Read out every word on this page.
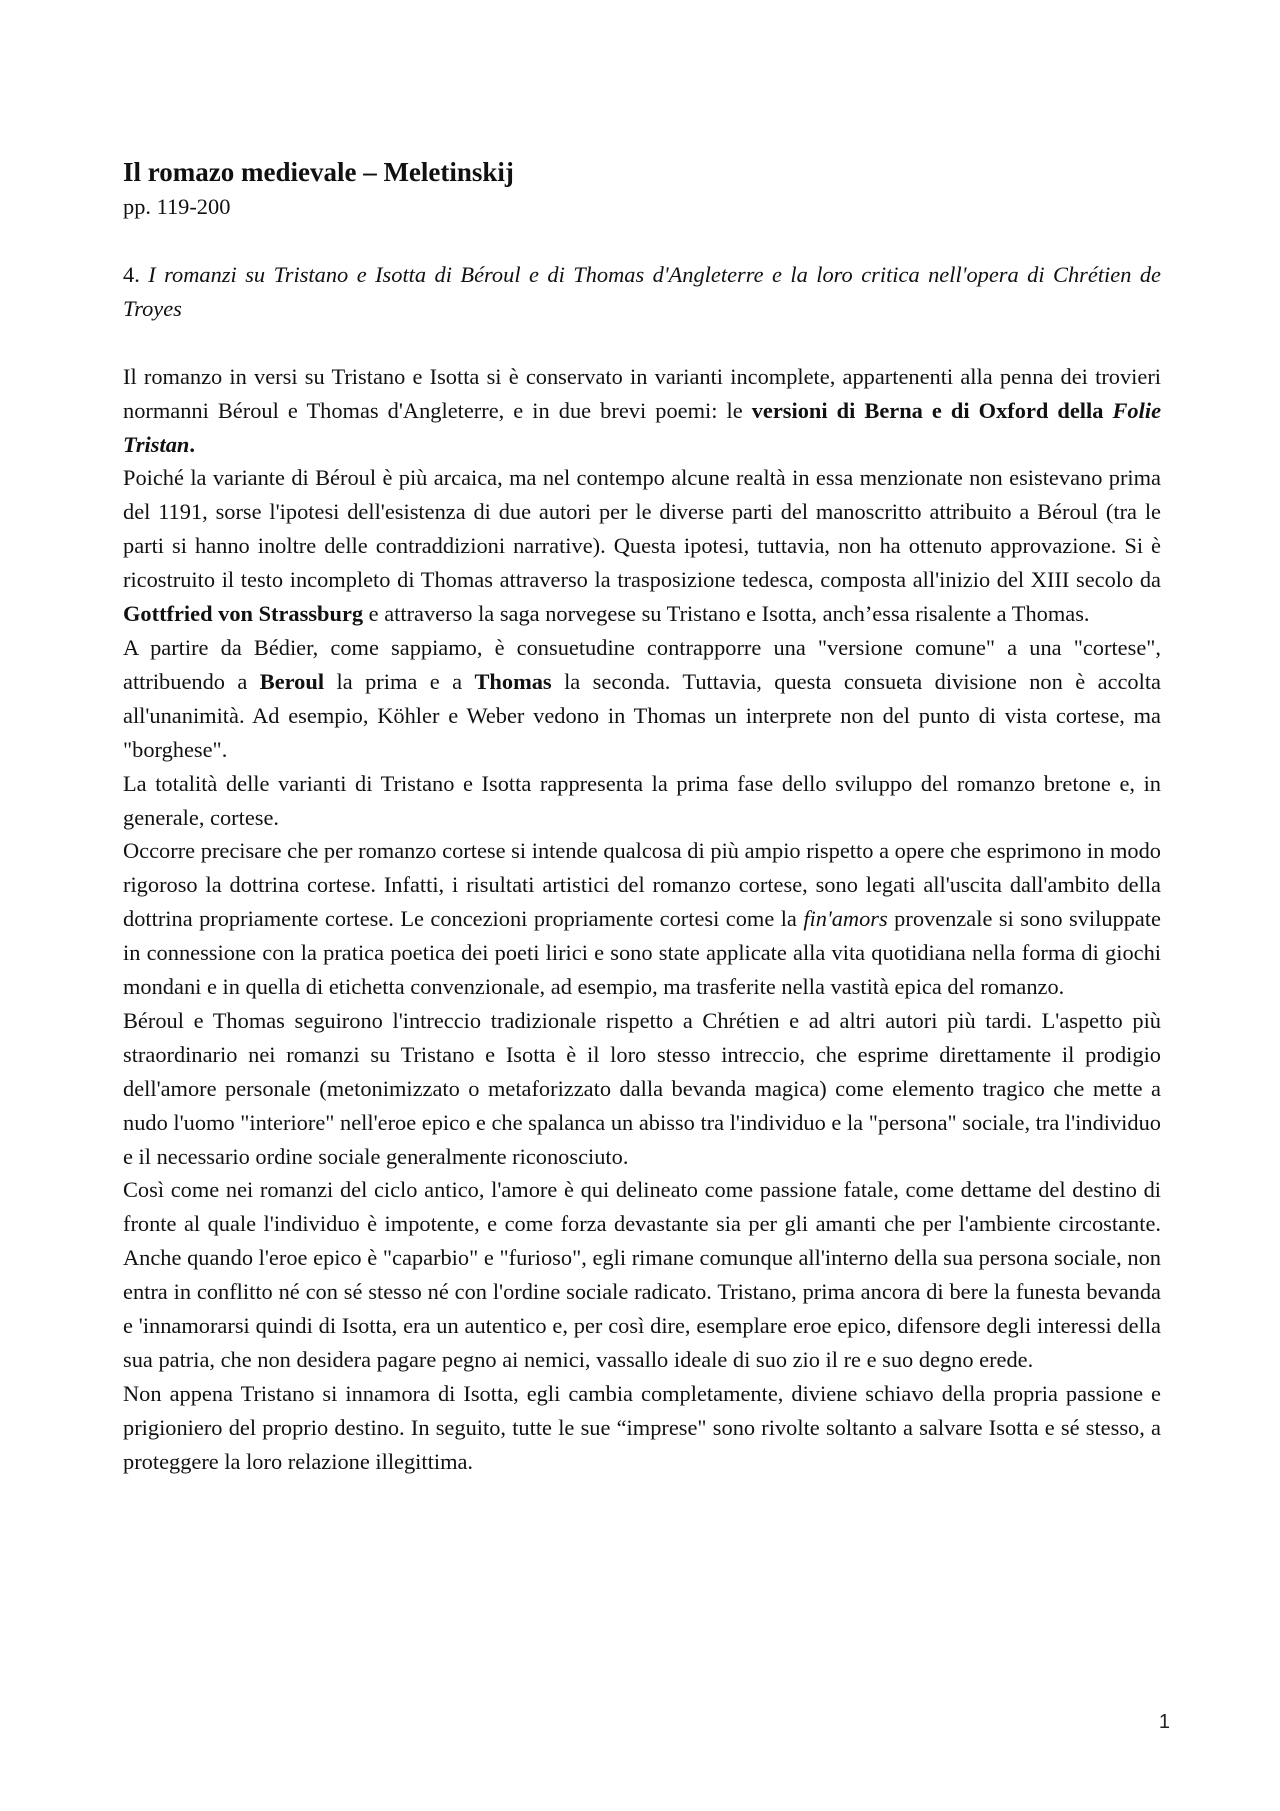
Il romazo medievale – Meletinskij
pp. 119-200
4. I romanzi su Tristano e Isotta di Béroul e di Thomas d'Angleterre e la loro critica nell'opera di Chrétien de Troyes

Il romanzo in versi su Tristano e Isotta si è conservato in varianti incomplete, appartenenti alla penna dei trovieri normanni Béroul e Thomas d'Angleterre, e in due brevi poemi: le versioni di Berna e di Oxford della Folie Tristan.

Poiché la variante di Béroul è più arcaica, ma nel contempo alcune realtà in essa menzionate non esistevano prima del 1191, sorse l'ipotesi dell'esistenza di due autori per le diverse parti del manoscritto attribuito a Béroul (tra le parti si hanno inoltre delle contraddizioni narrative). Questa ipotesi, tuttavia, non ha ottenuto approvazione. Si è ricostruito il testo incompleto di Thomas attraverso la trasposizione tedesca, composta all'inizio del XIII secolo da Gottfried von Strassburg e attraverso la saga norvegese su Tristano e Isotta, anch’essa risalente a Thomas.

A partire da Bédier, come sappiamo, è consuetudine contrapporre una "versione comune" a una "cortese", attribuendo a Beroul la prima e a Thomas la seconda. Tuttavia, questa consueta divisione non è accolta all'unanimità. Ad esempio, Köhler e Weber vedono in Thomas un interprete non del punto di vista cortese, ma "borghese".

La totalità delle varianti di Tristano e Isotta rappresenta la prima fase dello sviluppo del romanzo bretone e, in generale, cortese.

Occorre precisare che per romanzo cortese si intende qualcosa di più ampio rispetto a opere che esprimono in modo rigoroso la dottrina cortese. Infatti, i risultati artistici del romanzo cortese, sono legati all'uscita dall'ambito della dottrina propriamente cortese. Le concezioni propriamente cortesi come la fin'amors provenzale si sono sviluppate in connessione con la pratica poetica dei poeti lirici e sono state applicate alla vita quotidiana nella forma di giochi mondani e in quella di etichetta convenzionale, ad esempio, ma trasferite nella vastità epica del romanzo.

Béroul e Thomas seguirono l'intreccio tradizionale rispetto a Chrétien e ad altri autori più tardi. L'aspetto più straordinario nei romanzi su Tristano e Isotta è il loro stesso intreccio, che esprime direttamente il prodigio dell'amore personale (metonimizzato o metaforizzato dalla bevanda magica) come elemento tragico che mette a nudo l'uomo "interiore" nell'eroe epico e che spalanca un abisso tra l'individuo e la "persona" sociale, tra l'individuo e il necessario ordine sociale generalmente riconosciuto.

Così come nei romanzi del ciclo antico, l'amore è qui delineato come passione fatale, come dettame del destino di fronte al quale l'individuo è impotente, e come forza devastante sia per gli amanti che per l'ambiente circostante. Anche quando l'eroe epico è "caparbio" e "furioso", egli rimane comunque all'interno della sua persona sociale, non entra in conflitto né con sé stesso né con l'ordine sociale radicato. Tristano, prima ancora di bere la funesta bevanda e 'innamorarsi quindi di Isotta, era un autentico e, per così dire, esemplare eroe epico, difensore degli interessi della sua patria, che non desidera pagare pegno ai nemici, vassallo ideale di suo zio il re e suo degno erede.

Non appena Tristano si innamora di Isotta, egli cambia completamente, diviene schiavo della propria passione e prigioniero del proprio destino. In seguito, tutte le sue “imprese" sono rivolte soltanto a salvare Isotta e sé stesso, a proteggere la loro relazione illegittima.

1
